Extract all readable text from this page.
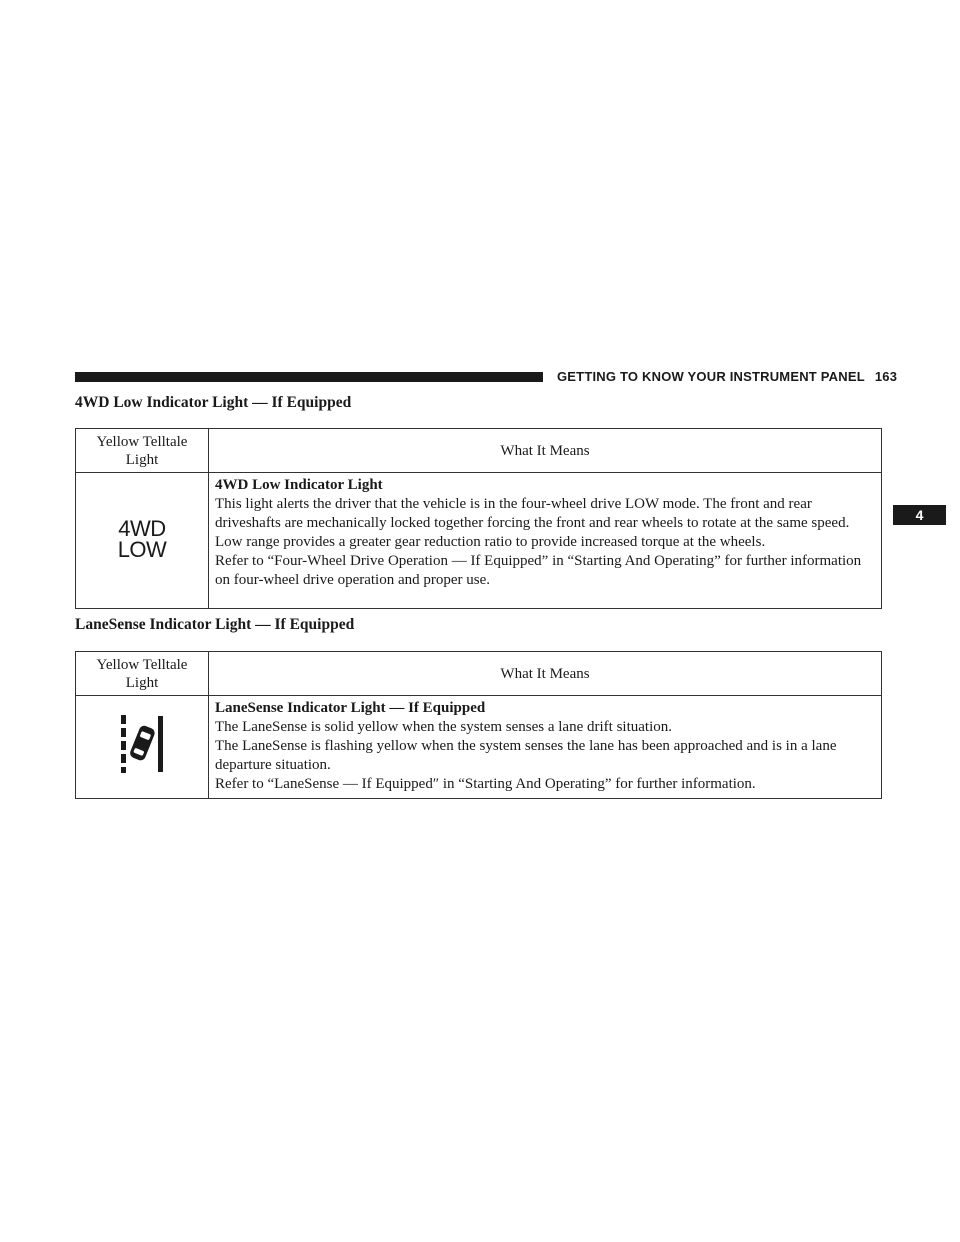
GETTING TO KNOW YOUR INSTRUMENT PANEL 163
4
4WD Low Indicator Light — If Equipped
Yellow Telltale Light	What It Means
4WD
LOW	4WD Low Indicator Light
This light alerts the driver that the vehicle is in the four-wheel drive LOW mode. The front and rear driveshafts are mechanically locked together forcing the front and rear wheels to rotate at the same speed. Low range provides a greater gear reduction ratio to provide increased torque at the wheels.
Refer to “Four-Wheel Drive Operation — If Equipped” in “Starting And Operating” for further information on four-wheel drive operation and proper use.
LaneSense Indicator Light — If Equipped
Yellow Telltale Light	What It Means

LaneSense Indicator Light — If Equipped
The LaneSense is solid yellow when the system senses a lane drift situation.
The LaneSense is flashing yellow when the system senses the lane has been approached and is in a lane departure situation.
Refer to “LaneSense — If Equipped″ in “Starting And Operating” for further information.
